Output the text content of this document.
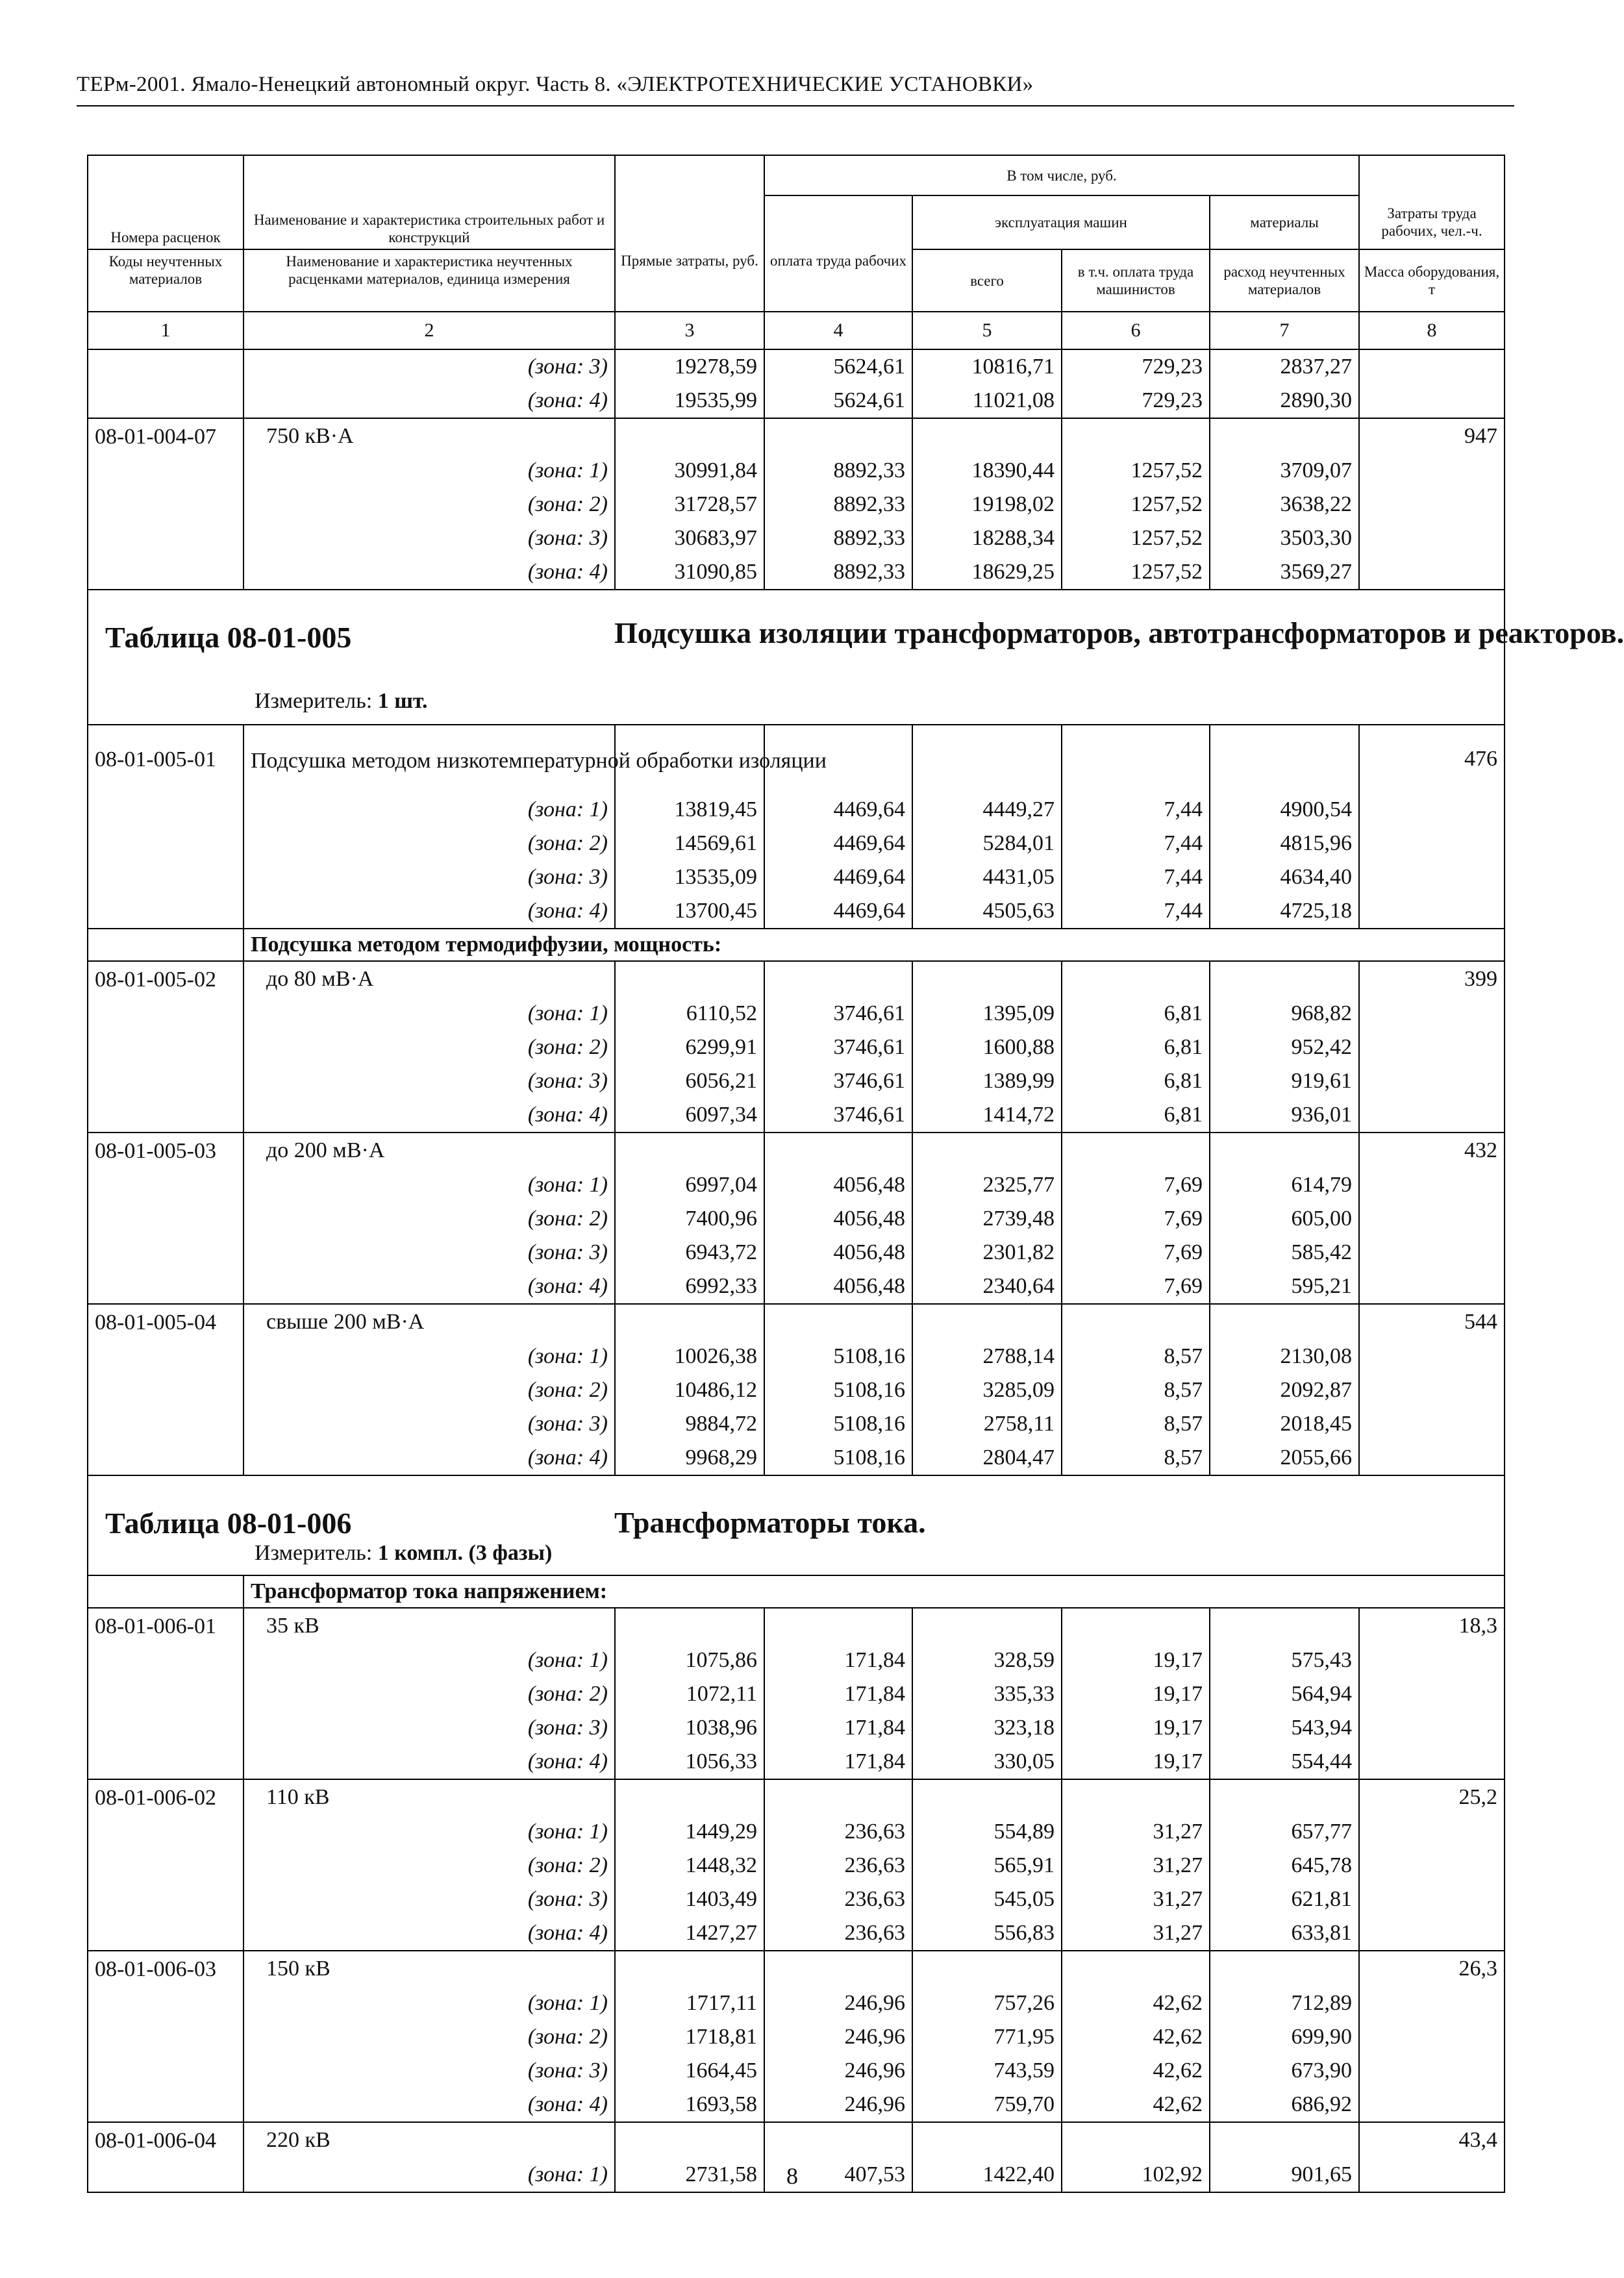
ТЕРм-2001. Ямало-Ненецкий автономный округ. Часть 8. «ЭЛЕКТРОТЕХНИЧЕСКИЕ УСТАНОВКИ»
			В том числе, руб.				
Номера расценок	Наименование и характеристика строительных работ и конструкций			эксплуатация машин		материалы	Затраты труда рабочих, чел.-ч.
Коды неучтенных материалов	Наименование и характеристика неучтенных расценками материалов, единица измерения	Прямые затраты, руб.	оплата труда рабочих	всего	в т.ч. оплата труда машинистов	расход неучтенных материалов	Масса оборудования, т
1	2	3	4	5	6	7	8
	(зона: 3)	19278,59	5624,61	10816,71	729,23	2837,27	
	(зона: 4)	19535,99	5624,61	11021,08	729,23	2890,30	
08-01-004-07	750 кВ·А						947
	(зона: 1)	30991,84	8892,33	18390,44	1257,52	3709,07	
	(зона: 2)	31728,57	8892,33	19198,02	1257,52	3638,22	
	(зона: 3)	30683,97	8892,33	18288,34	1257,52	3503,30	
	(зона: 4)	31090,85	8892,33	18629,25	1257,52	3569,27	

Таблица 08-01-005 Подсушка изоляции трансформаторов, автотрансформаторов и реакторов.
Измеритель: 1 шт.							

08-01-005-01	Подсушка методом низкотемпературной обработки изоляции						476
	(зона: 1)	13819,45	4469,64	4449,27	7,44	4900,54	
	(зона: 2)	14569,61	4469,64	5284,01	7,44	4815,96	
	(зона: 3)	13535,09	4469,64	4431,05	7,44	4634,40	
	(зона: 4)	13700,45	4469,64	4505,63	7,44	4725,18	
	Подсушка методом термодиффузии, мощность:						
08-01-005-02	до 80 мВ·А						399
	(зона: 1)	6110,52	3746,61	1395,09	6,81	968,82	
	(зона: 2)	6299,91	3746,61	1600,88	6,81	952,42	
	(зона: 3)	6056,21	3746,61	1389,99	6,81	919,61	
	(зона: 4)	6097,34	3746,61	1414,72	6,81	936,01	
08-01-005-03	до 200 мВ·А						432
	(зона: 1)	6997,04	4056,48	2325,77	7,69	614,79	
	(зона: 2)	7400,96	4056,48	2739,48	7,69	605,00	
	(зона: 3)	6943,72	4056,48	2301,82	7,69	585,42	
	(зона: 4)	6992,33	4056,48	2340,64	7,69	595,21	
08-01-005-04	свыше 200 мВ·А						544
	(зона: 1)	10026,38	5108,16	2788,14	8,57	2130,08	
	(зона: 2)	10486,12	5108,16	3285,09	8,57	2092,87	
	(зона: 3)	9884,72	5108,16	2758,11	8,57	2018,45	
	(зона: 4)	9968,29	5108,16	2804,47	8,57	2055,66	

Таблица 08-01-006 Трансформаторы тока.
Измеритель: 1 компл. (3 фазы)							

	Трансформатор тока напряжением:						
08-01-006-01	35 кВ						18,3
	(зона: 1)	1075,86	171,84	328,59	19,17	575,43	
	(зона: 2)	1072,11	171,84	335,33	19,17	564,94	
	(зона: 3)	1038,96	171,84	323,18	19,17	543,94	
	(зона: 4)	1056,33	171,84	330,05	19,17	554,44	
08-01-006-02	110 кВ						25,2
	(зона: 1)	1449,29	236,63	554,89	31,27	657,77	
	(зона: 2)	1448,32	236,63	565,91	31,27	645,78	
	(зона: 3)	1403,49	236,63	545,05	31,27	621,81	
	(зона: 4)	1427,27	236,63	556,83	31,27	633,81	
08-01-006-03	150 кВ						26,3
	(зона: 1)	1717,11	246,96	757,26	42,62	712,89	
	(зона: 2)	1718,81	246,96	771,95	42,62	699,90	
	(зона: 3)	1664,45	246,96	743,59	42,62	673,90	
	(зона: 4)	1693,58	246,96	759,70	42,62	686,92	
08-01-006-04	220 кВ						43,4
	(зона: 1)	2731,58	407,53	1422,40	102,92	901,65	
8
